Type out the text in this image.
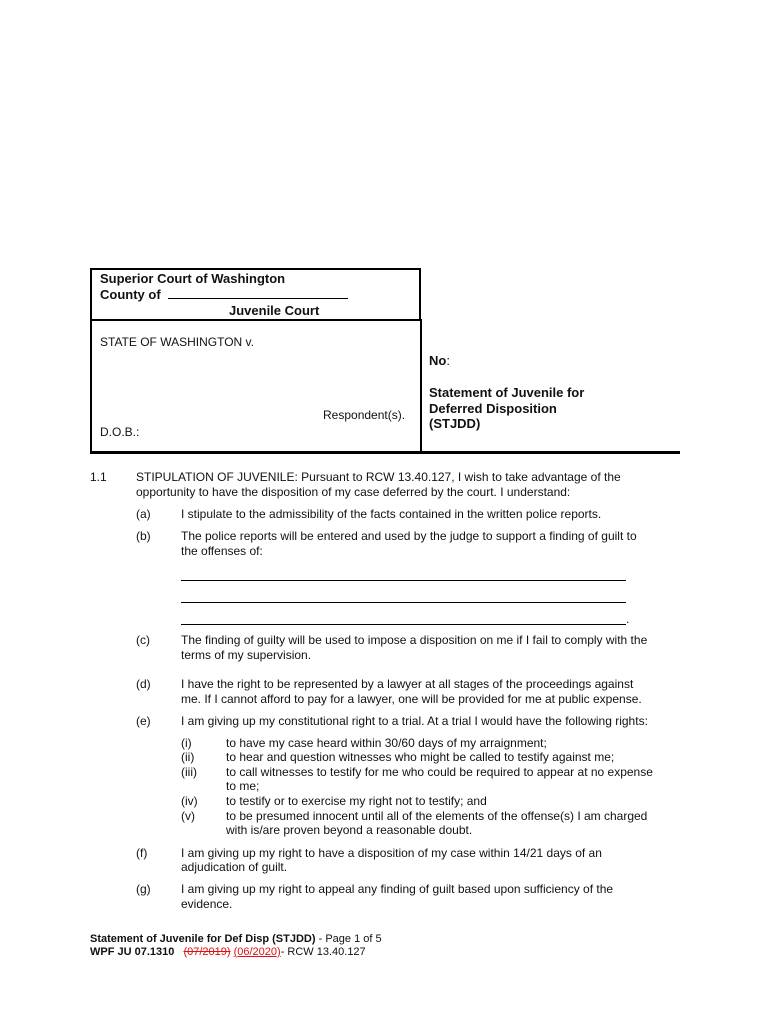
Superior Court of Washington
County of
Juvenile Court
STATE OF WASHINGTON v.
Respondent(s).
D.O.B.:
No:
Statement of Juvenile for
Deferred Disposition
(STJDD)
1.1 STIPULATION OF JUVENILE: Pursuant to RCW 13.40.127, I wish to take advantage of the
opportunity to have the disposition of my case deferred by the court. I understand:
(a)	I stipulate to the admissibility of the facts contained in the written police reports.
(b)	The police reports will be entered and used by the judge to support a finding of guilt to
the offenses of:
.
(c)	The finding of guilty will be used to impose a disposition on me if I fail to comply with the
terms of my supervision.
(d)	I have the right to be represented by a lawyer at all stages of the proceedings against
me. If I cannot afford to pay for a lawyer, one will be provided for me at public expense.
(e)	I am giving up my constitutional right to a trial. At a trial I would have the following rights:
(i)	to have my case heard within 30/60 days of my arraignment;
(ii)	to hear and question witnesses who might be called to testify against me;
(iii) to call witnesses to testify for me who could be required to appear at no expense
to me;
(iv) to testify or to exercise my right not to testify; and
(v)	to be presumed innocent until all of the elements of the offense(s) I am charged
with is/are proven beyond a reasonable doubt.
(f)	I am giving up my right to have a disposition of my case within 14/21 days of an
adjudication of guilt.
(g)	I am giving up my right to appeal any finding of guilt based upon sufficiency of the
evidence.
Statement of Juvenile for Def Disp (STJDD) - Page 1 of 5
WPF JU 07.1310 (07/2019) (06/2020)- RCW 13.40.127
